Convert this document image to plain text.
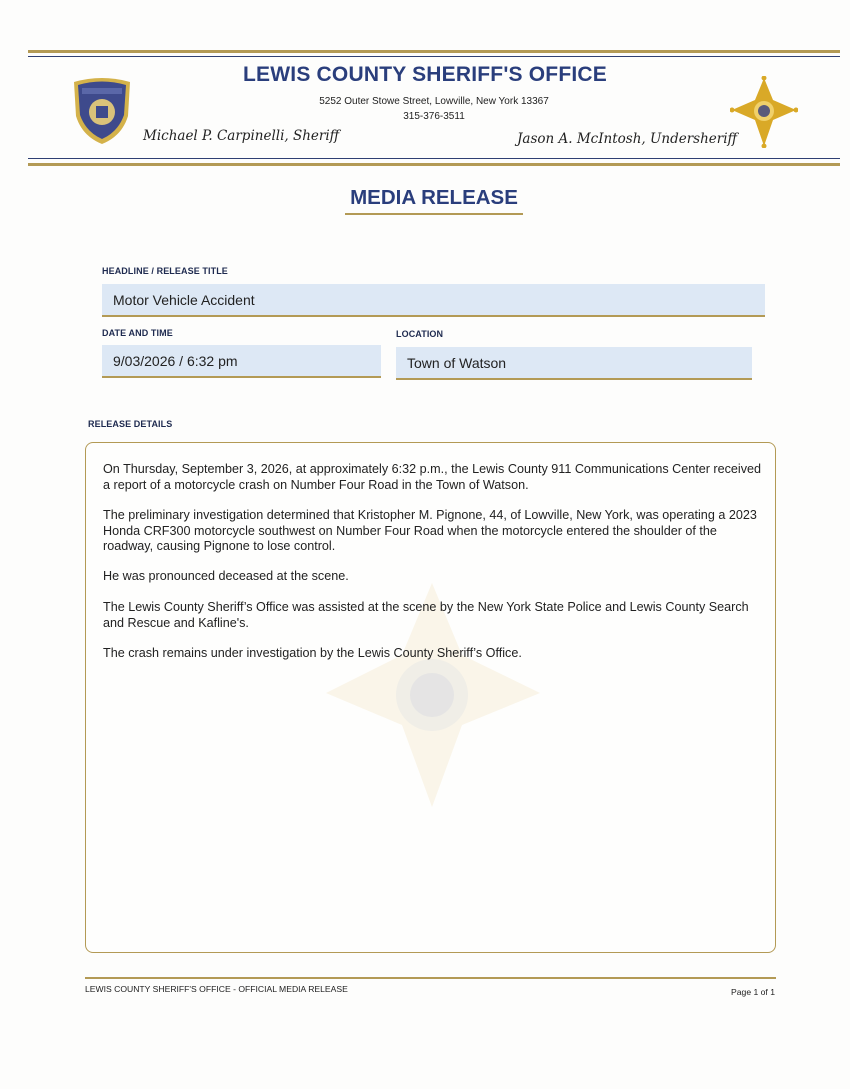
LEWIS COUNTY SHERIFF'S OFFICE
5252 Outer Stowe Street, Lowville, New York 13367
315-376-3511
Michael P. Carpinelli, Sheriff	Jason A. McIntosh, Undersheriff
MEDIA RELEASE
HEADLINE / RELEASE TITLE
Motor Vehicle Accident
DATE AND TIME
9/03/2026 / 6:32 pm
LOCATION
Town of Watson
RELEASE DETAILS
On Thursday, September 3, 2026, at approximately 6:32 p.m., the Lewis County 911 Communications Center received a report of a motorcycle crash on Number Four Road in the Town of Watson.
The preliminary investigation determined that Kristopher M. Pignone, 44, of Lowville, New York, was operating a 2023 Honda CRF300 motorcycle southwest on Number Four Road when the motorcycle entered the shoulder of the roadway, causing Pignone to lose control.
He was pronounced deceased at the scene.
The Lewis County Sheriff’s Office was assisted at the scene by the New York State Police and Lewis County Search and Rescue and Kafline's.
The crash remains under investigation by the Lewis County Sheriff’s Office.
LEWIS COUNTY SHERIFF'S OFFICE - OFFICIAL MEDIA RELEASE	Page 1 of 1
